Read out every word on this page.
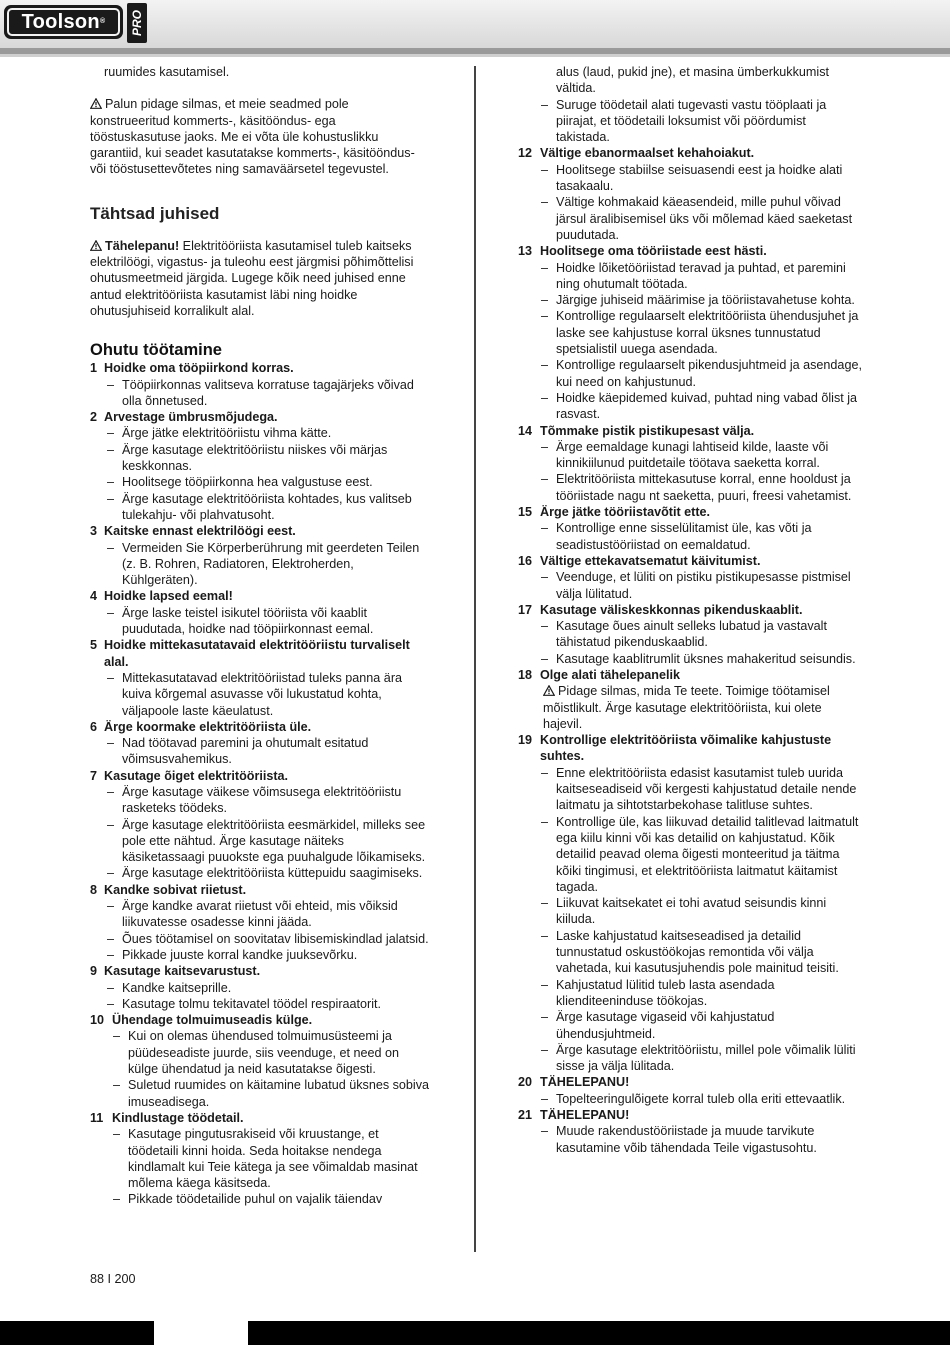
Toolson®	PRO

ruumides kasutamisel.

Palun pidage silmas, et meie seadmed pole konstrueeritud kommerts-, käsitööndus- ega tööstuskasutuse jaoks. Me ei võta üle kohustuslikku garantiid, kui seadet kasutatakse kommerts-, käsitööndus- või tööstusettevõtetes ning samaväärsetel tegevustel.

Tähtsad juhised

Tähelepanu! Elektritööriista kasutamisel tuleb kaitseks elektrilöögi, vigastus- ja tuleohu eest järgmisi põhimõttelisi ohutusmeetmeid järgida. Lugege kõik need juhised enne antud elektritööriista kasutamist läbi ning hoidke ohutusjuhiseid korralikult alal.

Ohutu töötamine
1 Hoidke oma tööpiirkond korras.
– Tööpiirkonnas valitseva korratuse tagajärjeks võivad olla õnnetused.
2 Arvestage ümbrusmõjudega.
– Ärge jätke elektritööriistu vihma kätte.
– Ärge kasutage elektritööriistu niiskes või märjas keskkonnas.
– Hoolitsege tööpiirkonna hea valgustuse eest.
– Ärge kasutage elektritööriista kohtades, kus valitseb tulekahju- või plahvatusoht.
3 Kaitske ennast elektrilöögi eest.
– Vermeiden Sie Körperberührung mit geerdeten Teilen (z. B. Rohren, Radiatoren, Elektroherden, Kühlgeräten).
4 Hoidke lapsed eemal!
– Ärge laske teistel isikutel tööriista või kaablit puudutada, hoidke nad tööpiirkonnast eemal.
5 Hoidke mittekasutatavaid elektritööriistu turvaliselt alal.
– Mittekasutatavad elektritööriistad tuleks panna ära kuiva kõrgemal asuvasse või lukustatud kohta, väljapoole laste käeulatust.
6 Ärge koormake elektritööriista üle.
– Nad töötavad paremini ja ohutumalt esitatud võimsusvahemikus.
7 Kasutage õiget elektritööriista.
– Ärge kasutage väikese võimsusega elektritööriistu rasketeks töödeks.
– Ärge kasutage elektritööriista eesmärkidel, milleks see pole ette nähtud. Ärge kasutage näiteks käsiketassaagi puuokste ega puuhalgude lõikamiseks.
– Ärge kasutage elektritööriista küttepuidu saagimiseks.
8 Kandke sobivat riietust.
– Ärge kandke avarat riietust või ehteid, mis võiksid liikuvatesse osadesse kinni jääda.
– Õues töötamisel on soovitatav libisemiskindlad jalatsid.
– Pikkade juuste korral kandke juuksevõrku.
9 Kasutage kaitsevarustust.
– Kandke kaitseprille.
– Kasutage tolmu tekitavatel töödel respiraatorit.
10 Ühendage tolmuimuseadis külge.
– Kui on olemas ühendused tolmuimusüsteemi ja püüdeseadiste juurde, siis veenduge, et need on külge ühendatud ja neid kasutatakse õigesti.
– Suletud ruumides on käitamine lubatud üksnes sobiva imuseadisega.
11 Kindlustage töödetail.
– Kasutage pingutusrakiseid või kruustange, et töödetaili kinni hoida. Seda hoitakse nendega kindlamalt kui Teie kätega ja see võimaldab masinat mõlema käega käsitseda.
– Pikkade töödetailide puhul on vajalik täiendav
alus (laud, pukid jne), et masina ümberkukkumist vältida.
– Suruge töödetail alati tugevasti vastu tööplaati ja piirajat, et töödetaili loksumist või pöördumist takistada.
12 Vältige ebanormaalset kehahoiakut.
– Hoolitsege stabiilse seisuasendi eest ja hoidke alati tasakaalu.
– Vältige kohmakaid käeasendeid, mille puhul võivad järsul äralibisemisel üks või mõlemad käed saeketast puudutada.
13 Hoolitsege oma tööriistade eest hästi.
– Hoidke lõiketööriistad teravad ja puhtad, et paremini ning ohutumalt töötada.
– Järgige juhiseid määrimise ja tööriistavahetuse kohta.
– Kontrollige regulaarselt elektritööriista ühendusjuhet ja laske see kahjustuse korral üksnes tunnustatud spetsialistil uuega asendada.
– Kontrollige regulaarselt pikendusjuhtmeid ja asendage, kui need on kahjustunud.
– Hoidke käepidemed kuivad, puhtad ning vabad õlist ja rasvast.
14 Tõmmake pistik pistikupesast välja.
– Ärge eemaldage kunagi lahtiseid kilde, laaste või kinnikiilunud puitdetaile töötava saeketta korral.
– Elektritööriista mittekasutuse korral, enne hooldust ja tööriistade nagu nt saeketta, puuri, freesi vahetamist.
15 Ärge jätke tööriistavõtit ette.
– Kontrollige enne sisselülitamist üle, kas võti ja seadistustööriistad on eemaldatud.
16 Vältige ettekavatsematut käivitumist.
– Veenduge, et lüliti on pistiku pistikupesasse pistmisel välja lülitatud.
17 Kasutage väliskeskkonnas pikenduskaablit.
– Kasutage õues ainult selleks lubatud ja vastavalt tähistatud pikenduskaablid.
– Kasutage kaablitrumlit üksnes mahakeritud seisundis.
18 Olge alati tähelepanelik

Pidage silmas, mida Te teete. Toimige töötamisel mõistlikult. Ärge kasutage elektritööriista, kui olete hajevil.

19 Kontrollige elektritööriista võimalike kahjustuste suhtes.
– Enne elektritööriista edasist kasutamist tuleb uurida kaitseseadiseid või kergesti kahjustatud detaile nende laitmatu ja sihtotstarbekohase talitluse suhtes.
– Kontrollige üle, kas liikuvad detailid talitlevad laitmatult ega kiilu kinni või kas detailid on kahjustatud. Kõik detailid peavad olema õigesti monteeritud ja täitma kõiki tingimusi, et elektritööriista laitmatut käitamist tagada.
– Liikuvat kaitsekatet ei tohi avatud seisundis kinni kiiluda.
– Laske kahjustatud kaitseseadised ja detailid tunnustatud oskustöökojas remontida või välja vahetada, kui kasutusjuhendis pole mainitud teisiti.
– Kahjustatud lülitid tuleb lasta asendada klienditeeninduse töökojas.
– Ärge kasutage vigaseid või kahjustatud ühendusjuhtmeid.
– Ärge kasutage elektritööriistu, millel pole võimalik lüliti sisse ja välja lülitada.
20 TÄHELEPANU!
– Topelteeringulõigete korral tuleb olla eriti ettevaatlik.
21 TÄHELEPANU!
– Muude rakendustööriistade ja muude tarvikute kasutamine võib tähendada Teile vigastusohtu.
88 I 200
